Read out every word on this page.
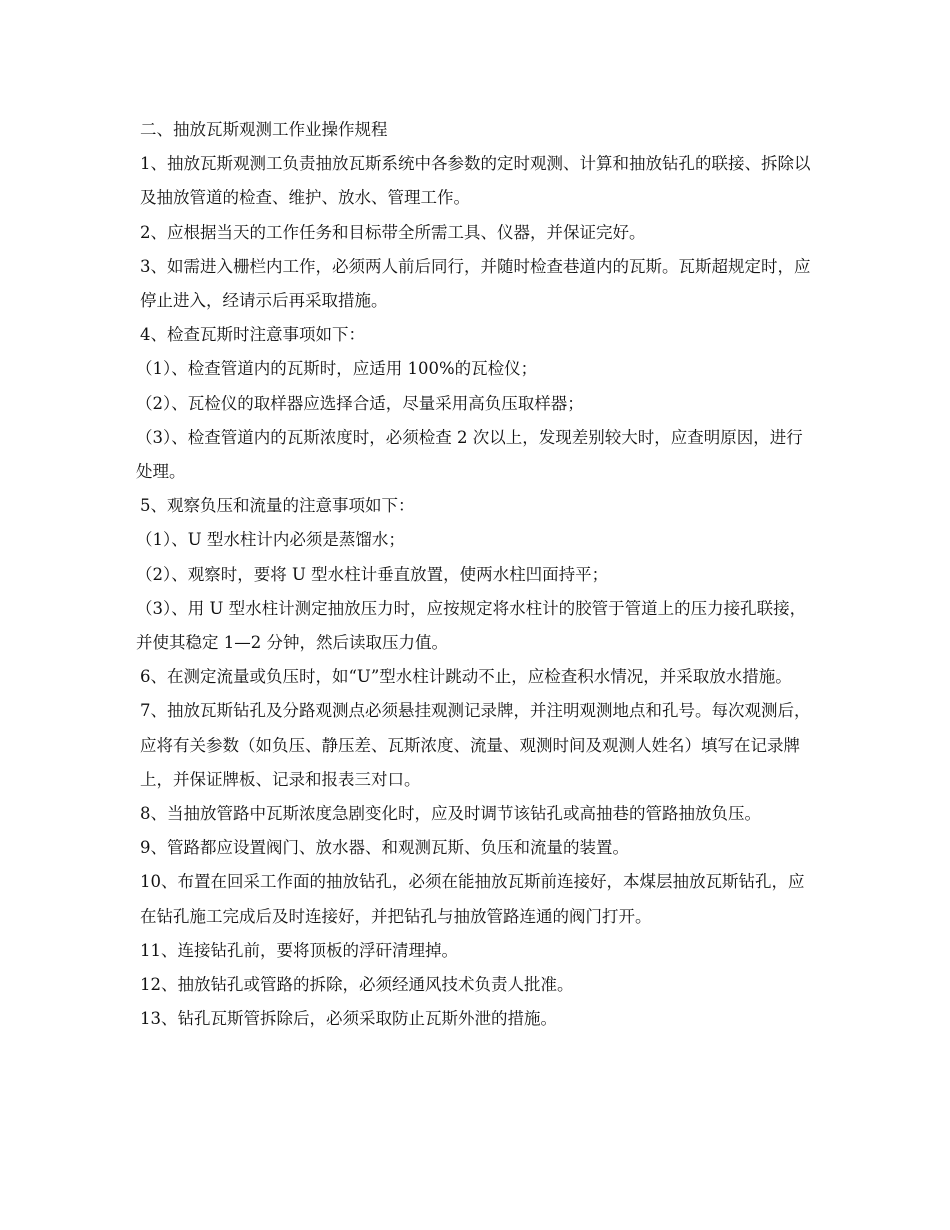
二、抽放瓦斯观测工作业操作规程

1、抽放瓦斯观测工负责抽放瓦斯系统中各参数的定时观测、计算和抽放钻孔的联接、拆除以及抽放管道的检查、维护、放水、管理工作。

2、应根据当天的工作任务和目标带全所需工具、仪器，并保证完好。

3、如需进入栅栏内工作，必须两人前后同行，并随时检查巷道内的瓦斯。瓦斯超规定时，应停止进入，经请示后再采取措施。

4、检查瓦斯时注意事项如下：

（1）、检查管道内的瓦斯时，应适用 100%的瓦检仪；

（2）、瓦检仪的取样器应选择合适，尽量采用高负压取样器；

（3）、检查管道内的瓦斯浓度时，必须检查 2 次以上，发现差别较大时，应查明原因，进行处理。

5、观察负压和流量的注意事项如下：

（1）、U 型水柱计内必须是蒸馏水；

（2）、观察时，要将 U 型水柱计垂直放置，使两水柱凹面持平；

（3）、用 U 型水柱计测定抽放压力时，应按规定将水柱计的胶管于管道上的压力接孔联接，并使其稳定 1—2 分钟，然后读取压力值。

6、在测定流量或负压时，如“U”型水柱计跳动不止，应检查积水情况，并采取放水措施。

7、抽放瓦斯钻孔及分路观测点必须悬挂观测记录牌，并注明观测地点和孔号。每次观测后，应将有关参数（如负压、静压差、瓦斯浓度、流量、观测时间及观测人姓名）填写在记录牌上，并保证牌板、记录和报表三对口。

8、当抽放管路中瓦斯浓度急剧变化时，应及时调节该钻孔或高抽巷的管路抽放负压。

9、管路都应设置阀门、放水器、和观测瓦斯、负压和流量的装置。

10、布置在回采工作面的抽放钻孔，必须在能抽放瓦斯前连接好，本煤层抽放瓦斯钻孔，应在钻孔施工完成后及时连接好，并把钻孔与抽放管路连通的阀门打开。

11、连接钻孔前，要将顶板的浮矸清理掉。

12、抽放钻孔或管路的拆除，必须经通风技术负责人批准。

13、钻孔瓦斯管拆除后，必须采取防止瓦斯外泄的措施。
